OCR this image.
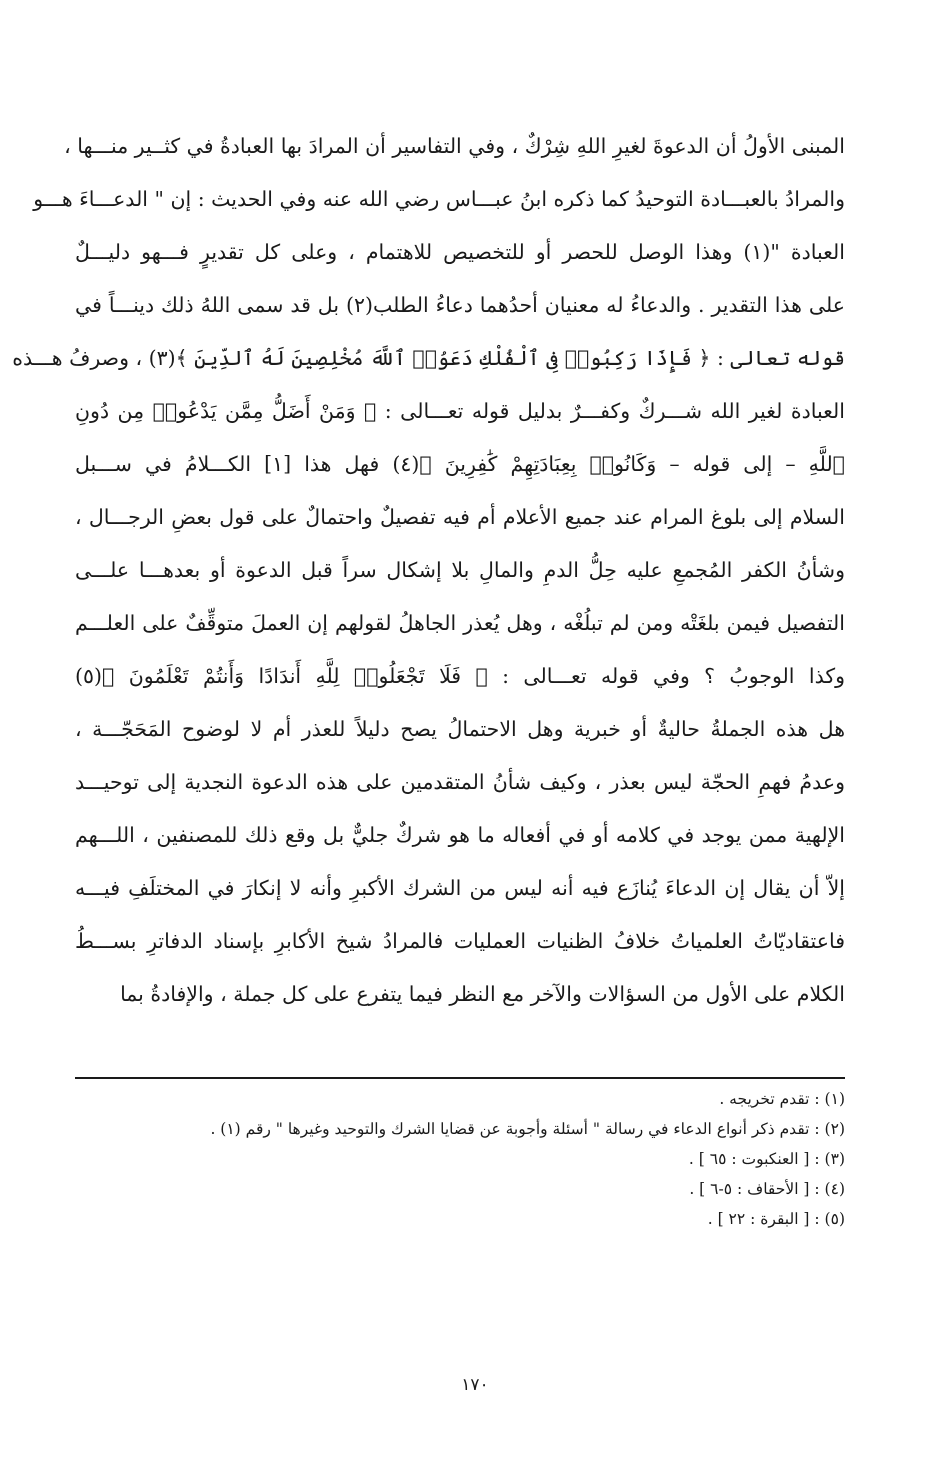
المبنى الأولُ أن الدعوةَ لغيرِ اللهِ شِرْكٌ ، وفي التفاسير أن المرادَ بها العبادةُ في كثــير منـــها ،
والمرادُ بالعبـــادة التوحيدُ كما ذكره ابنُ عبـــاس رضي الله عنه وفي الحديث : إن " الدعـــاءَ هـــو
العبادة "(١) وهذا الوصل للحصر أو للتخصيص للاهتمام ، وعلى كل تقديرٍ فـــهو دليـــلٌ
على هذا التقدير . والدعاءُ له معنيان أحدُهما دعاءُ الطلب(٢) بل قد سمى اللهُ ذلك دينـــاً في
قوله تعالى : ﴿ فَإِذَا رَكِبُوا۟ فِى ٱلْفُلْكِ دَعَوُا۟ ٱللَّهَ مُخْلِصِينَ لَهُ ٱلدِّينَ ﴾(٣) ، وصرفُ هـــذه
العبادة لغير الله شـــركٌ وكفـــرٌ بدليل قوله تعـــالى : ﴿ وَمَنْ أَضَلُّ مِمَّن يَدْعُوا۟ مِن دُونِ
ٱللَّهِ – إلى قوله – وَكَانُوا۟ بِعِبَادَتِهِمْ كَٰفِرِينَ ﴾(٤) فهل هذا [١] الكـــلامُ في ســـبل
السلام إلى بلوغ المرام عند جميع الأعلام أم فيه تفصيلٌ واحتمالٌ على قول بعضِ الرجـــال ،
وشأنُ الكفر المُجمعِ عليه حِلُّ الدمِ والمالِ بلا إشكال سراً قبل الدعوة أو بعدهـــا علـــى
التفصيل فيمن بلغَتْه ومن لم تبلُغْه ، وهل يُعذر الجاهلُ لقولهم إن العملَ متوقِّفٌ على العلـــم
وكذا الوجوبُ ؟ وفي قوله تعـــالى : ﴿ فَلَا تَجْعَلُوا۟ لِلَّهِ أَندَادًا وَأَنتُمْ تَعْلَمُونَ ﴾(٥)
هل هذه الجملةُ حاليةٌ أو خبرية وهل الاحتمالُ يصح دليلاً للعذر أم لا لوضوح المَحَجّـــة ،
وعدمُ فهمِ الحجّة ليس بعذر ، وكيف شأنُ المتقدمين على هذه الدعوة النجدية إلى توحيـــد
الإلهية ممن يوجد في كلامه أو في أفعاله ما هو شركٌ جليٌّ بل وقع ذلك للمصنفين ، اللـــهم
إلاّ أن يقال إن الدعاءَ يُنازَع فيه أنه ليس من الشرك الأكبرِ وأنه لا إنكارَ في المختلَفِ فيـــه
فاعتقاديّاتُ العلمياتُ خلافُ الظنيات العمليات فالمرادُ شيخ الأكابرِ بإسناد الدفاترِ بســـطُ
الكلام على الأول من السؤالات والآخر مع النظر فيما يتفرع على كل جملة ، والإفادةُ بما
(١) : تقدم تخريجه .
(٢) : تقدم ذكر أنواع الدعاء في رسالة " أسئلة وأجوبة عن قضايا الشرك والتوحيد وغيرها " رقم (١) .
(٣) : [ العنكبوت : ٦٥ ] .
(٤) : [ الأحقاف : ٥-٦ ] .
(٥) : [ البقرة : ٢٢ ] .
١٧٠
